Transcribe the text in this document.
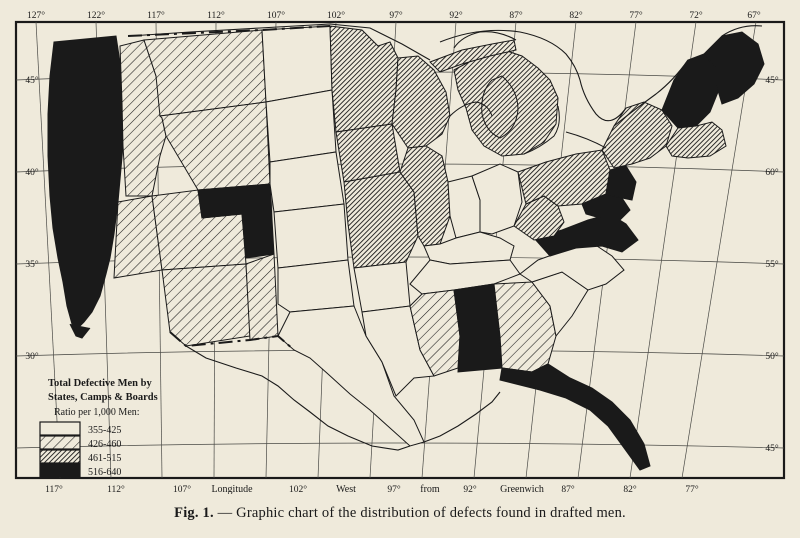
127°	122°	117°	112°	107°	102°	97°	92°	87°	82°	77°	72°	67°
45°
40°
35°
30°
45°
60°
55°
50°
45°
117°	112°	107°	102°	97°	92°	87°	82°	77°
Longitude	West	from	Greenwich
Total Defective Men by
States, Camps & Boards
Ratio per 1,000 Men:
355-425
426-460
461-515
516-640
Fig. 1. — Graphic chart of the distribution of defects found in drafted men.
